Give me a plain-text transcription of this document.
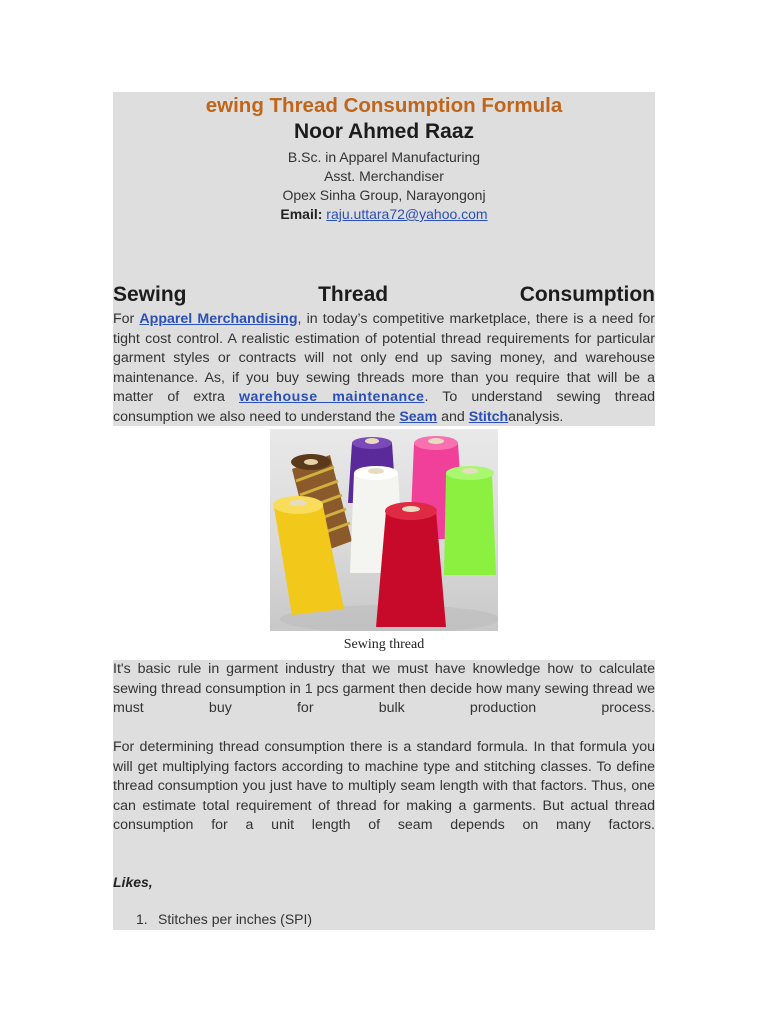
ewing Thread Consumption Formula
Noor Ahmed Raaz
B.Sc. in Apparel Manufacturing
Asst. Merchandiser
Opex Sinha Group, Narayongonj
Email: raju.uttara72@yahoo.com
Sewing	Thread	Consumption
For Apparel Merchandising, in today’s competitive marketplace, there is a need for tight cost control. A realistic estimation of potential thread requirements for particular garment styles or contracts will not only end up saving money, and warehouse maintenance. As, if you buy sewing threads more than you require that will be a matter of extra warehouse maintenance. To understand sewing thread consumption we also need to understand the Seam and Stitchanalysis.
Sewing thread
It's basic rule in garment industry that we must have knowledge how to calculate sewing thread consumption in 1 pcs garment then decide how many sewing thread we must buy for bulk production process.
For determining thread consumption there is a standard formula. In that formula you will get multiplying factors according to machine type and stitching classes. To define thread consumption you just have to multiply seam length with that factors. Thus, one can estimate total requirement of thread for making a garments. But actual thread consumption for a unit length of seam depends on many factors.
Likes,
1. Stitches per inches (SPI)
